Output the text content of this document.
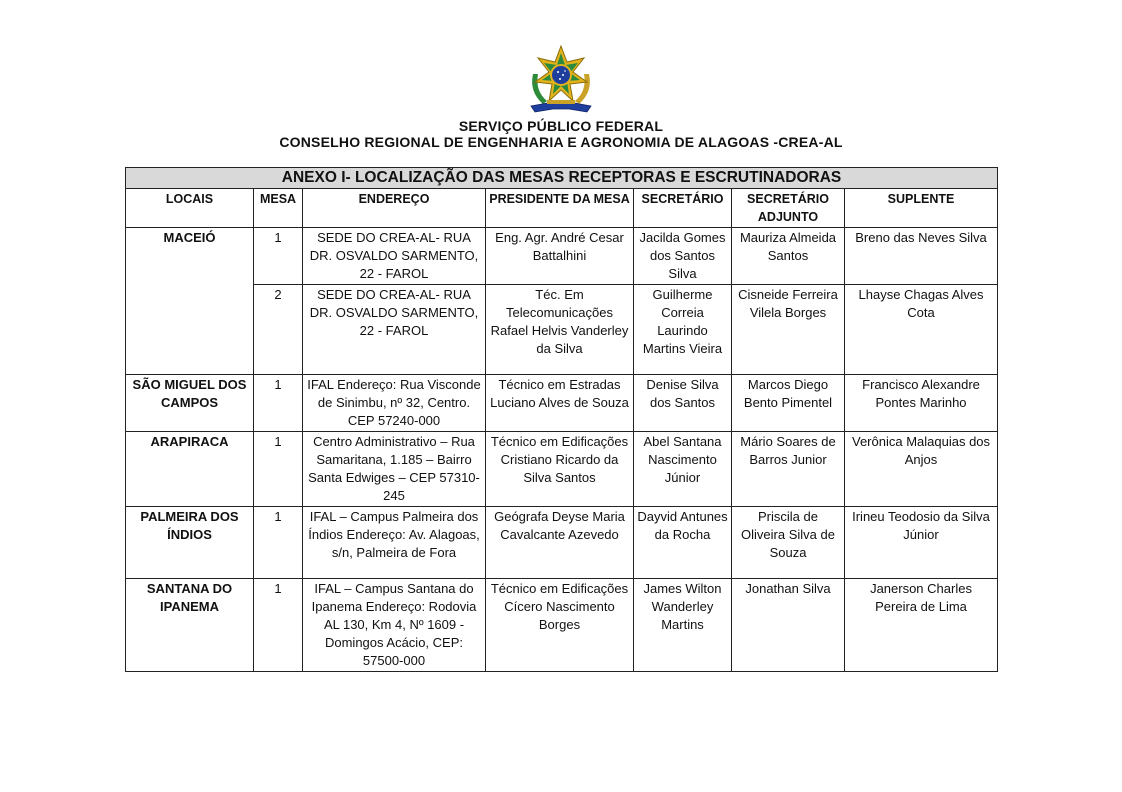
SERVIÇO PÚBLICO FEDERAL
CONSELHO REGIONAL DE ENGENHARIA E AGRONOMIA DE ALAGOAS -CREA-AL
ANEXO I- LOCALIZAÇÃO DAS MESAS RECEPTORAS E ESCRUTINADORAS						
LOCAIS	MESA	ENDEREÇO	PRESIDENTE DA MESA	SECRETÁRIO	SECRETÁRIO ADJUNTO	SUPLENTE
MACEIÓ	1	SEDE DO CREA-AL- RUA DR. OSVALDO SARMENTO, 22 - FAROL	Eng. Agr. André Cesar Battalhini	Jacilda Gomes dos Santos Silva	Mauriza Almeida Santos	Breno das Neves Silva
	2	SEDE DO CREA-AL- RUA DR. OSVALDO SARMENTO, 22 - FAROL	Téc. Em Telecomunicações Rafael Helvis Vanderley da Silva	Guilherme Correia Laurindo Martins Vieira	Cisneide Ferreira Vilela Borges	Lhayse Chagas Alves Cota
SÃO MIGUEL DOS CAMPOS	1	IFAL Endereço: Rua Visconde de Sinimbu, nº 32, Centro. CEP 57240-000	Técnico em Estradas Luciano Alves de Souza	Denise Silva dos Santos	Marcos Diego Bento Pimentel	Francisco Alexandre Pontes Marinho
ARAPIRACA	1	Centro Administrativo – Rua Samaritana, 1.185 – Bairro Santa Edwiges – CEP 57310-245	Técnico em Edificações Cristiano Ricardo da Silva Santos	Abel Santana Nascimento Júnior	Mário Soares de Barros Junior	Verônica Malaquias dos Anjos
PALMEIRA DOS ÍNDIOS	1	IFAL – Campus Palmeira dos Índios Endereço: Av. Alagoas, s/n, Palmeira de Fora	Geógrafa Deyse Maria Cavalcante Azevedo	Dayvid Antunes da Rocha	Priscila de Oliveira Silva de Souza	Irineu Teodosio da Silva Júnior
SANTANA DO IPANEMA	1	IFAL – Campus Santana do Ipanema Endereço: Rodovia AL 130, Km 4, Nº 1609 - Domingos Acácio, CEP: 57500-000	Técnico em Edificações Cícero Nascimento Borges	James Wilton Wanderley Martins	Jonathan Silva	Janerson Charles Pereira de Lima
